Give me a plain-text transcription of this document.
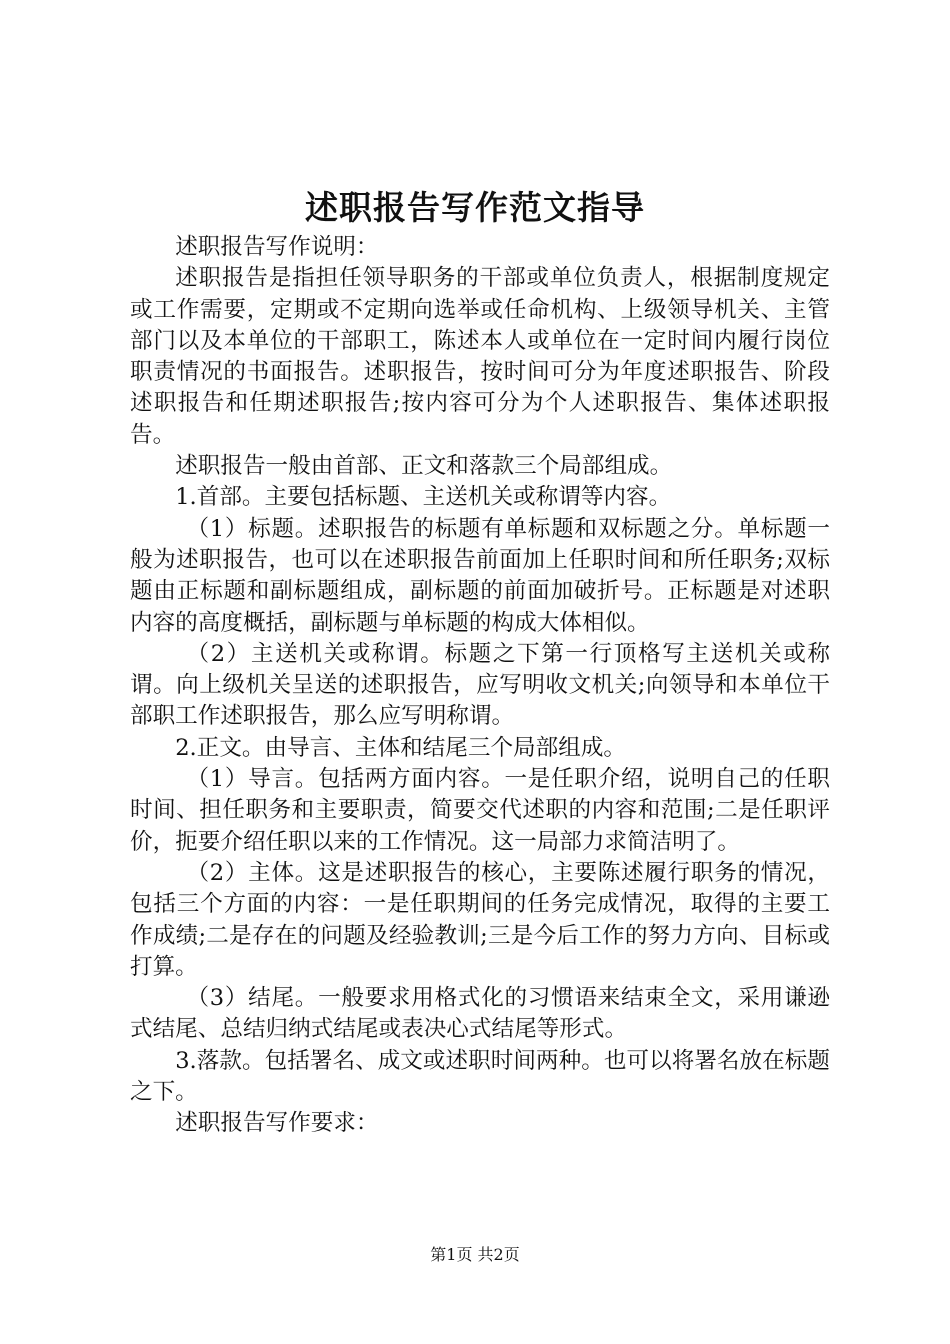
述职报告写作范文指导

述职报告写作说明：

述职报告是指担任领导职务的干部或单位负责人，根据制度规定或工作需要，定期或不定期向选举或任命机构、上级领导机关、主管部门以及本单位的干部职工，陈述本人或单位在一定时间内履行岗位职责情况的书面报告。述职报告，按时间可分为年度述职报告、阶段述职报告和任期述职报告;按内容可分为个人述职报告、集体述职报告。

述职报告一般由首部、正文和落款三个局部组成。

1.首部。主要包括标题、主送机关或称谓等内容。

（1）标题。述职报告的标题有单标题和双标题之分。单标题一般为述职报告，也可以在述职报告前面加上任职时间和所任职务;双标题由正标题和副标题组成，副标题的前面加破折号。正标题是对述职内容的高度概括，副标题与单标题的构成大体相似。

（2）主送机关或称谓。标题之下第一行顶格写主送机关或称谓。向上级机关呈送的述职报告，应写明收文机关;向领导和本单位干部职工作述职报告，那么应写明称谓。

2.正文。由导言、主体和结尾三个局部组成。

（1）导言。包括两方面内容。一是任职介绍，说明自己的任职时间、担任职务和主要职责，简要交代述职的内容和范围;二是任职评价，扼要介绍任职以来的工作情况。这一局部力求简洁明了。

（2）主体。这是述职报告的核心，主要陈述履行职务的情况，包括三个方面的内容：一是任职期间的任务完成情况，取得的主要工作成绩;二是存在的问题及经验教训;三是今后工作的努力方向、目标或打算。

（3）结尾。一般要求用格式化的习惯语来结束全文，采用谦逊式结尾、总结归纳式结尾或表决心式结尾等形式。

3.落款。包括署名、成文或述职时间两种。也可以将署名放在标题之下。

述职报告写作要求：

第1页 共2页
